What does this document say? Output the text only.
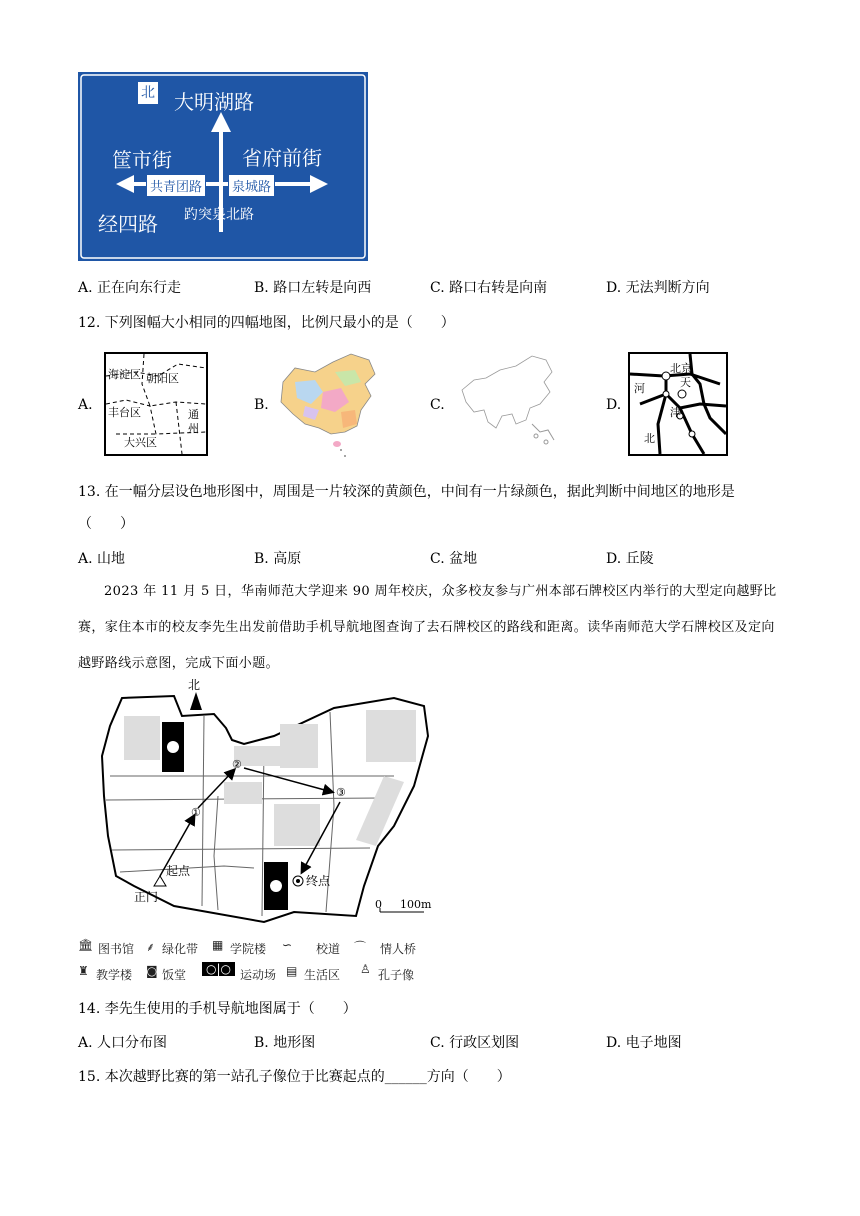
北 大明湖路
筐市街	省府前街
共青团路	泉城路
趵突泉北路
经四路
A. 正在向东行走	B. 路口左转是向西	C. 路口右转是向南	D. 无法判断方向
12. 下列图幅大小相同的四幅地图，比例尺最小的是（　　）
A.
海淀区 朝阳区
丰台区	通
州
大兴区
B.	C.	D.
北京
天
河
津
北
13. 在一幅分层设色地形图中，周围是一片较深的黄颜色，中间有一片绿颜色，据此判断中间地区的地形是
（　　）
A. 山地	B. 高原	C. 盆地	D. 丘陵
2023 年 11 月 5 日，华南师范大学迎来 90 周年校庆，众多校友参与广州本部石牌校区内举行的大型定向越野比赛，家住本市的校友李先生出发前借助手机导航地图查询了去石牌校区的路线和距离。读华南师范大学石牌校区及定向越野路线示意图，完成下面小题。
北
①
②
③
起点
终点
正门
0 100m
🏛 图书馆 ⸙ 绿化带 ▦ 学院楼 ∽ 校道 ⌒ 情人桥
♜ 教学楼 ◙ 饭堂	○|○ 运动场 ▤ 生活区 ♙ 孔子像
14. 李先生使用的手机导航地图属于（　　）
A. 人口分布图	B. 地形图	C. 行政区划图	D. 电子地图
15. 本次越野比赛的第一站孔子像位于比赛起点的______方向（　　）
